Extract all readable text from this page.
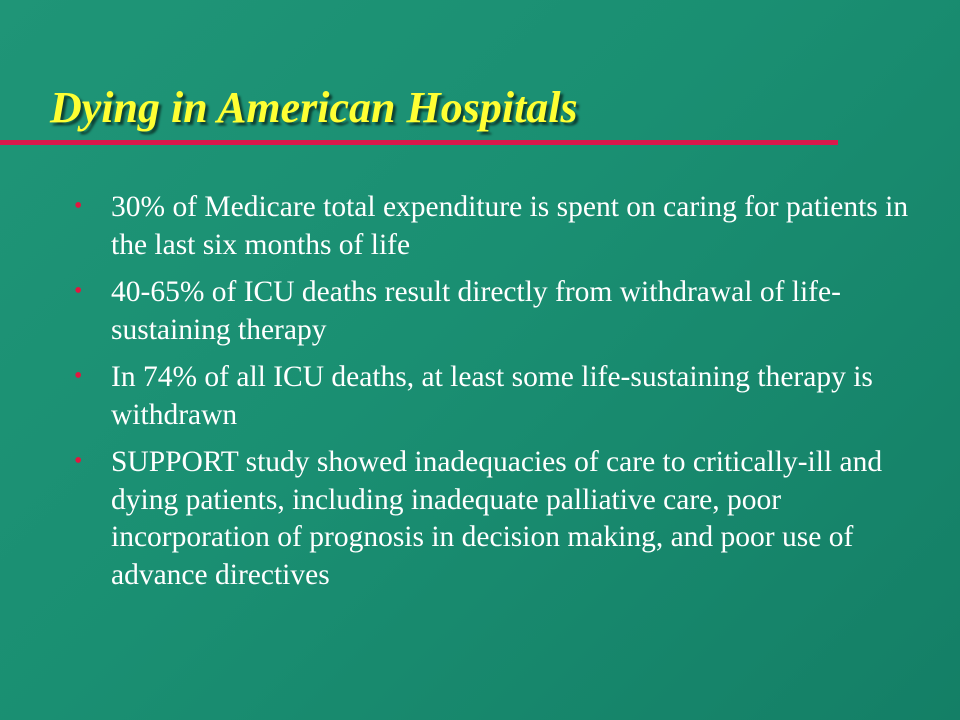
Dying in American Hospitals
• 30% of Medicare total expenditure is spent on caring for patients in the last six months of life
• 40-65% of ICU deaths result directly from withdrawal of life-sustaining therapy
• In 74% of all ICU deaths, at least some life-sustaining therapy is withdrawn
• SUPPORT study showed inadequacies of care to critically-ill and dying patients, including inadequate palliative care, poor incorporation of prognosis in decision making, and poor use of advance directives
